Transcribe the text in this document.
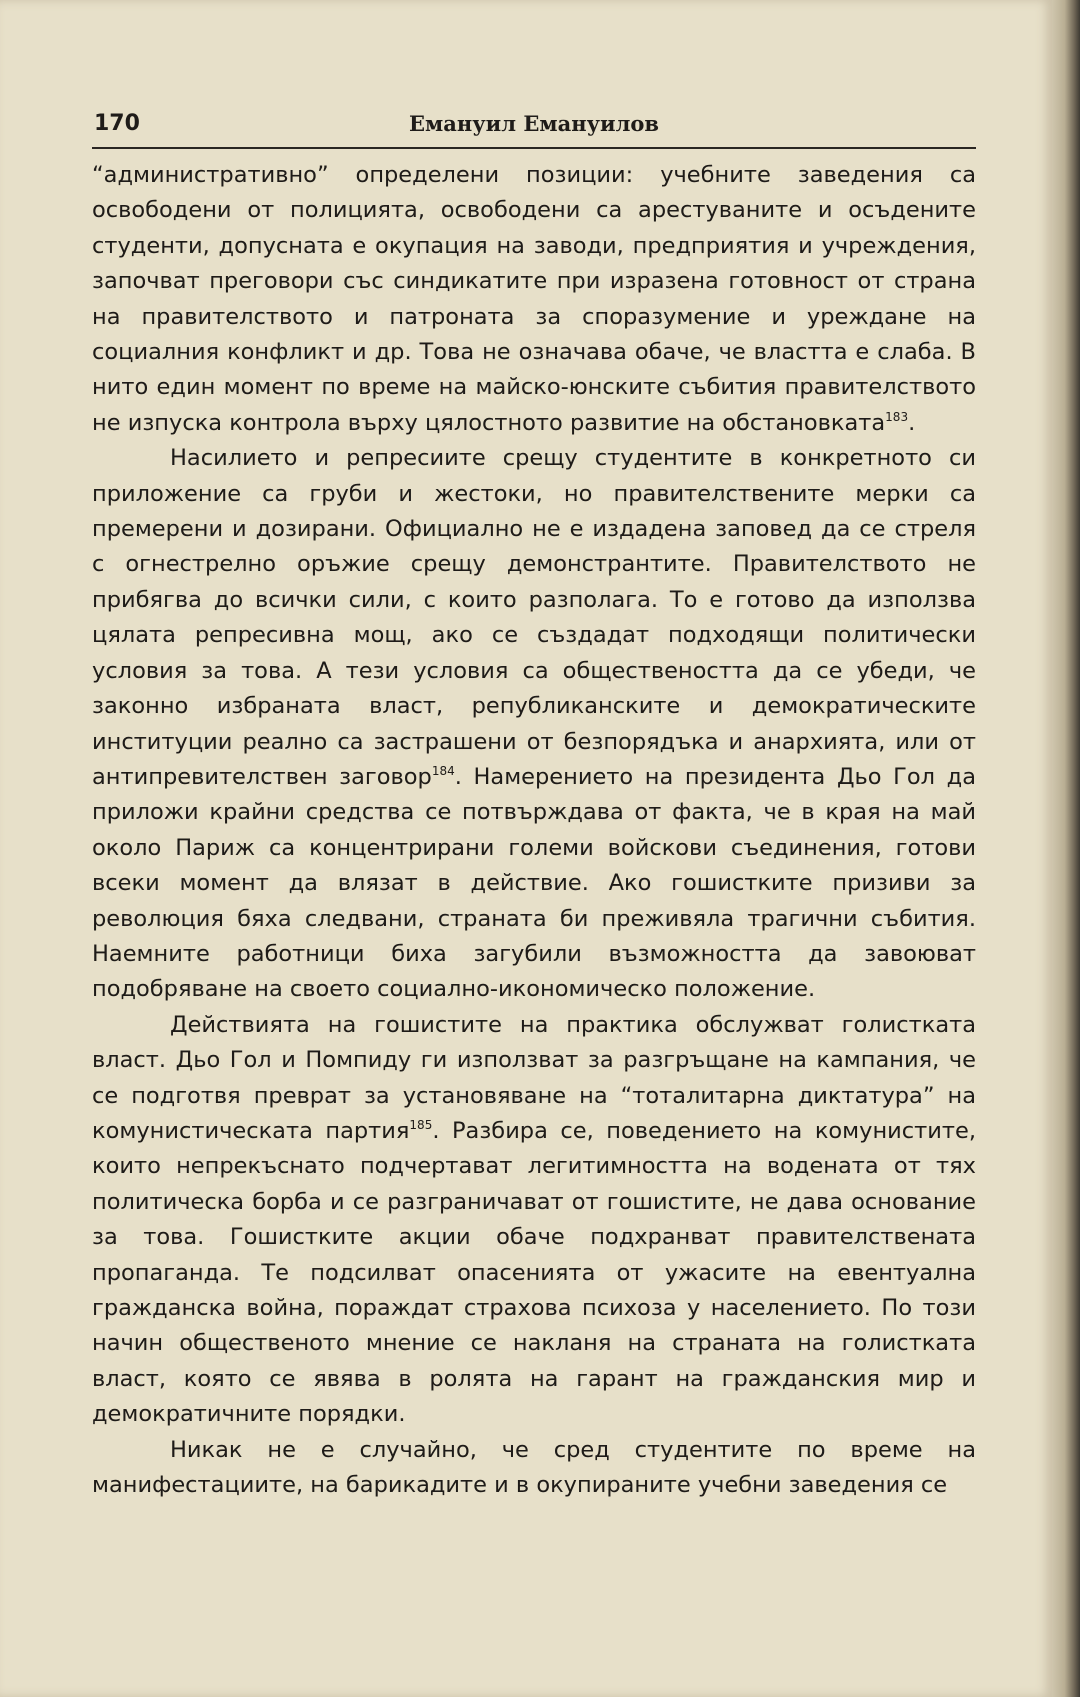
170	Емануил Емануилов

“административно” определени позиции: учебните заведения са освободени от полицията, освободени са арестуваните и осъдените студенти, допусната е окупация на заводи, предприятия и учреждения, започват преговори със синдикатите при изразена готовност от страна на правителството и патроната за споразумение и уреждане на социалния конфликт и др. Това не означава обаче, че властта е слаба. В нито един момент по време на майско-юнските събития правителството не изпуска контрола върху цялостното развитие на обстановката$^{183}$.

Насилието и репресиите срещу студентите в конкретното си приложение са груби и жестоки, но правителствените мерки са премерени и дозирани. Официално не е издадена заповед да се стреля с огнестрелно оръжие срещу демонстрантите. Правителството не прибягва до всички сили, с които разполага. То е готово да използва цялата репресивна мощ, ако се създадат подходящи политически условия за това. А тези условия са обществеността да се убеди, че законно избраната власт, републиканските и демократическите институции реално са застрашени от безпорядъка и анархията, или от антипревителствен заговор$^{184}$. Намерението на президента Дьо Гол да приложи крайни средства се потвърждава от факта, че в края на май около Париж са концентрирани големи войскови съединения, готови всеки момент да влязат в действие. Ако гошистките призиви за революция бяха следвани, страната би преживяла трагични събития. Наемните работници биха загубили възможността да завоюват подобряване на своето социално-икономическо положение.

Действията на гошистите на практика обслужват голистката власт. Дьо Гол и Помпиду ги използват за разгръщане на кампания, че се подготвя преврат за установяване на “тоталитарна диктатура” на комунистическата партия$^{185}$. Разбира се, поведението на комунистите, които непрекъснато подчертават легитимността на водената от тях политическа борба и се разграничават от гошистите, не дава основание за това. Гошистките акции обаче подхранват правителствената пропаганда. Те подсилват опасенията от ужасите на евентуална гражданска война, пораждат страхова психоза у населението. По този начин общественото мнение се накланя на страната на голистката власт, която се явява в ролята на гарант на гражданския мир и демократичните порядки.

Никак не е случайно, че сред студентите по време на манифестациите, на барикадите и в окупираните учебни заведения се
